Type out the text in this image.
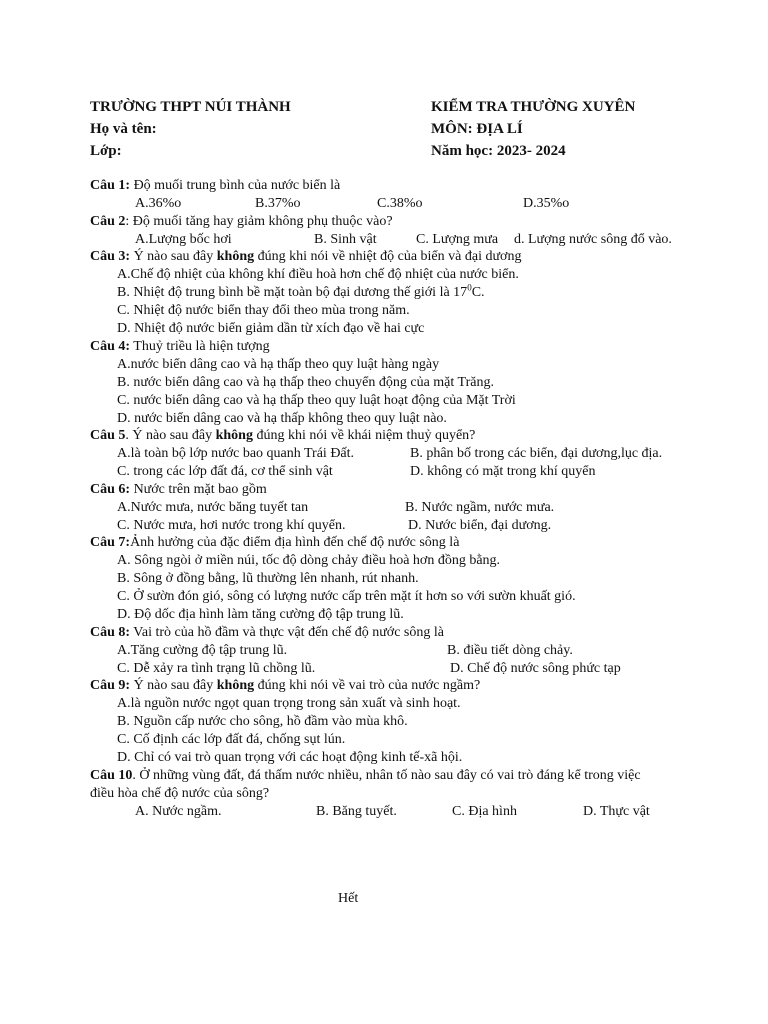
TRƯỜNG THPT NÚI THÀNH	KIỂM TRA THƯỜNG XUYÊN
Họ và tên:	MÔN: ĐỊA LÍ
Lớp:	Năm học: 2023- 2024
Câu 1: Độ muối trung bình của nước biển là
A.36%o	B.37%o	C.38%o	D.35%o
Câu 2: Độ muối tăng hay giảm không phụ thuộc vào?
A.Lượng bốc hơi	B. Sinh vật	C. Lượng mưa d. Lượng nước sông đổ vào.
Câu 3: Ý nào sau đây không đúng khi nói về nhiệt độ của biển và đại dương
A.Chế độ nhiệt của không khí điều hoà hơn chế độ nhiệt của nước biển.
B. Nhiệt độ trung bình bề mặt toàn bộ đại dương thế giới là $17^0C$.
C. Nhiệt độ nước biển thay đổi theo mùa trong năm.
D. Nhiệt độ nước biển giảm dần từ xích đạo về hai cực
Câu 4: Thuỷ triều là hiện tượng
A.nước biển dâng cao và hạ thấp theo quy luật hàng ngày
B. nước biển dâng cao và hạ thấp theo chuyển động của mặt Trăng.
C. nước biển dâng cao và hạ thấp theo quy luật hoạt động của Mặt Trời
D. nước biển dâng cao và hạ thấp không theo quy luật nào.
Câu 5. Ý nào sau đây không đúng khi nói về khái niệm thuỷ quyển?
A.là toàn bộ lớp nước bao quanh Trái Đất.	B. phân bố trong các biển, đại dương,lục địa.
C. trong các lớp đất đá, cơ thể sinh vật	D. không có mặt trong khí quyển
Câu 6: Nước trên mặt bao gồm
A.Nước mưa, nước băng tuyết tan	B. Nước ngầm, nước mưa.
C. Nước mưa, hơi nước trong khí quyển.	D. Nước biển, đại dương.
Câu 7:Ảnh hưởng của đặc điểm địa hình đến chế độ nước sông là
A. Sông ngòi ở miền núi, tốc độ dòng chảy điều hoà hơn đồng bằng.
B. Sông ở đồng bằng, lũ thường lên nhanh, rút nhanh.
C. Ở sườn đón gió, sông có lượng nước cấp trên mặt ít hơn so với sườn khuất gió.
D. Độ dốc địa hình làm tăng cường độ tập trung lũ.
Câu 8: Vai trò của hồ đầm và thực vật đến chế độ nước sông là
A.Tăng cường độ tập trung lũ.	B. điều tiết dòng chảy.
C. Dễ xảy ra tình trạng lũ chồng lũ.	D. Chế độ nước sông phức tạp
Câu 9: Ý nào sau đây không đúng khi nói về vai trò của nước ngầm?
A.là nguồn nước ngọt quan trọng trong sản xuất và sinh hoạt.
B. Nguồn cấp nước cho sông, hồ đầm vào mùa khô.
C. Cố định các lớp đất đá, chống sụt lún.
D. Chỉ có vai trò quan trọng với các hoạt động kinh tế-xã hội.
Câu 10. Ở những vùng đất, đá thấm nước nhiều, nhân tố nào sau đây có vai trò đáng kể trong việc
điều hòa chế độ nước của sông?
A. Nước ngầm.	B. Băng tuyết.	C. Địa hình	D. Thực vật
Hết
